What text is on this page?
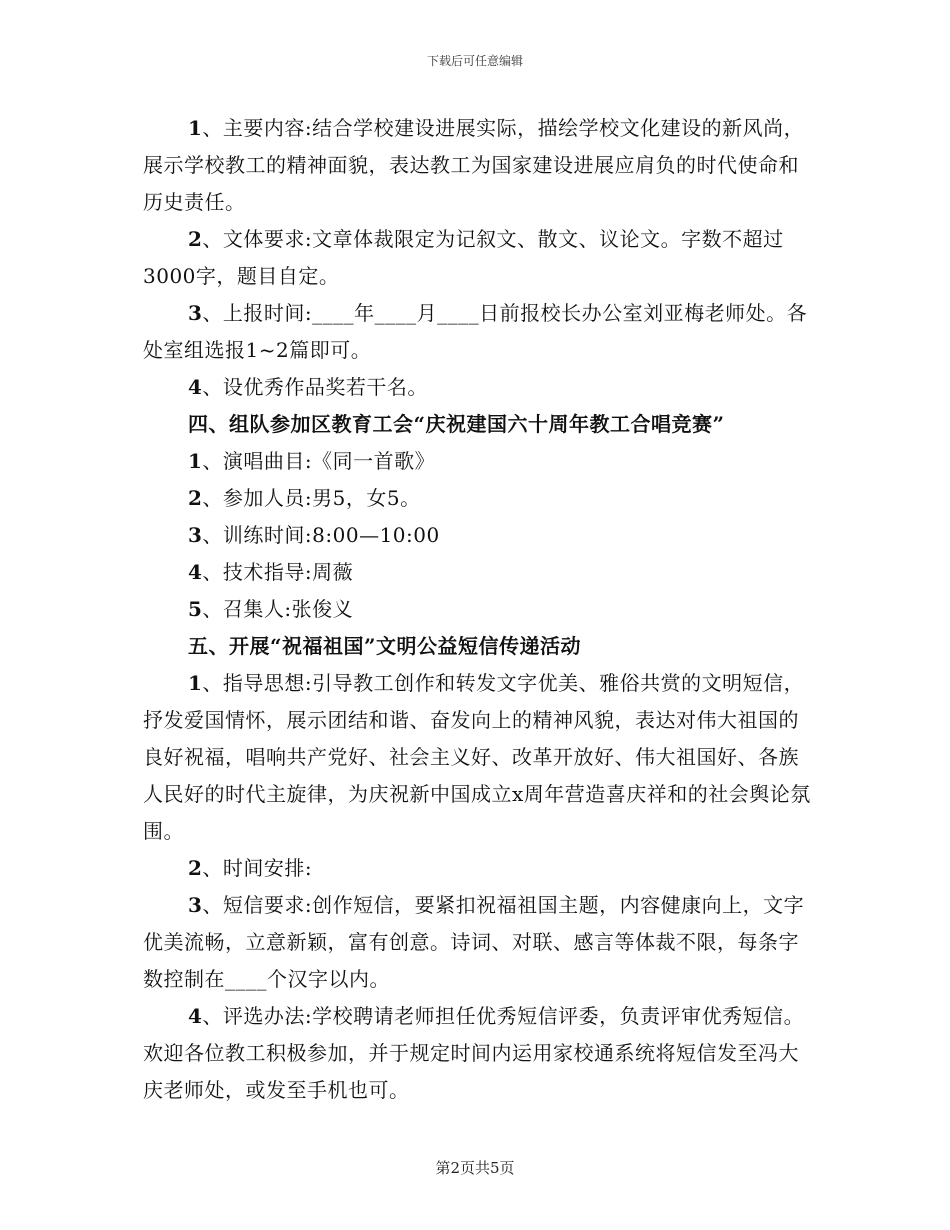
下载后可任意编辑

1、主要内容:结合学校建设进展实际，描绘学校文化建设的新风尚，展示学校教工的精神面貌，表达教工为国家建设进展应肩负的时代使命和历史责任。

2、文体要求:文章体裁限定为记叙文、散文、议论文。字数不超过3000字，题目自定。

3、上报时间:____年____月____日前报校长办公室刘亚梅老师处。各处室组选报1~2篇即可。

4、设优秀作品奖若干名。

四、组队参加区教育工会“庆祝建国六十周年教工合唱竞赛”

1、演唱曲目:《同一首歌》

2、参加人员:男5，女5。

3、训练时间:8:00—10:00

4、技术指导:周薇

5、召集人:张俊义

五、开展“祝福祖国”文明公益短信传递活动

1、指导思想:引导教工创作和转发文字优美、雅俗共赏的文明短信，抒发爱国情怀，展示团结和谐、奋发向上的精神风貌，表达对伟大祖国的良好祝福，唱响共产党好、社会主义好、改革开放好、伟大祖国好、各族人民好的时代主旋律，为庆祝新中国成立x周年营造喜庆祥和的社会舆论氛围。

2、时间安排:

3、短信要求:创作短信，要紧扣祝福祖国主题，内容健康向上，文字优美流畅，立意新颖，富有创意。诗词、对联、感言等体裁不限，每条字数控制在____个汉字以内。

4、评选办法:学校聘请老师担任优秀短信评委，负责评审优秀短信。欢迎各位教工积极参加，并于规定时间内运用家校通系统将短信发至冯大庆老师处，或发至手机也可。

第2页共5页
